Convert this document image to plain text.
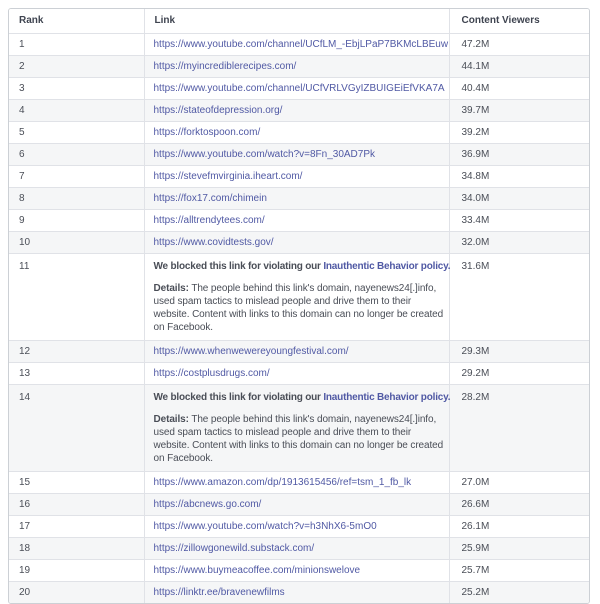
Rank	Link	Content Viewers
1	https://www.youtube.com/channel/UCfLM_-EbjLPaP7BKMcLBEuw	47.2M
2	https://myincrediblerecipes.com/	44.1M
3	https://www.youtube.com/channel/UCfVRLVGyIZBUIGEiEfVKA7A	40.4M
4	https://stateofdepression.org/	39.7M
5	https://forktospoon.com/	39.2M
6	https://www.youtube.com/watch?v=8Fn_30AD7Pk	36.9M
7	https://stevefmvirginia.iheart.com/	34.8M
8	https://fox17.com/chimein	34.0M
9	https://alltrendytees.com/	33.4M
10	https://www.covidtests.gov/	32.0M
11	We blocked this link for violating our Inauthentic Behavior policy.
Details: The people behind this link's domain, nayenews24[.]info, used spam tactics to mislead people and drive them to their website. Content with links to this domain can no longer be created on Facebook.	31.6M
12	https://www.whenwewereyoungfestival.com/	29.3M
13	https://costplusdrugs.com/	29.2M
14	We blocked this link for violating our Inauthentic Behavior policy.
Details: The people behind this link's domain, nayenews24[.]info, used spam tactics to mislead people and drive them to their website. Content with links to this domain can no longer be created on Facebook.	28.2M
15	https://www.amazon.com/dp/1913615456/ref=tsm_1_fb_lk	27.0M
16	https://abcnews.go.com/	26.6M
17	https://www.youtube.com/watch?v=h3NhX6-5mO0	26.1M
18	https://zillowgonewild.substack.com/	25.9M
19	https://www.buymeacoffee.com/minionswelove	25.7M
20	https://linktr.ee/bravenewfilms	25.2M
